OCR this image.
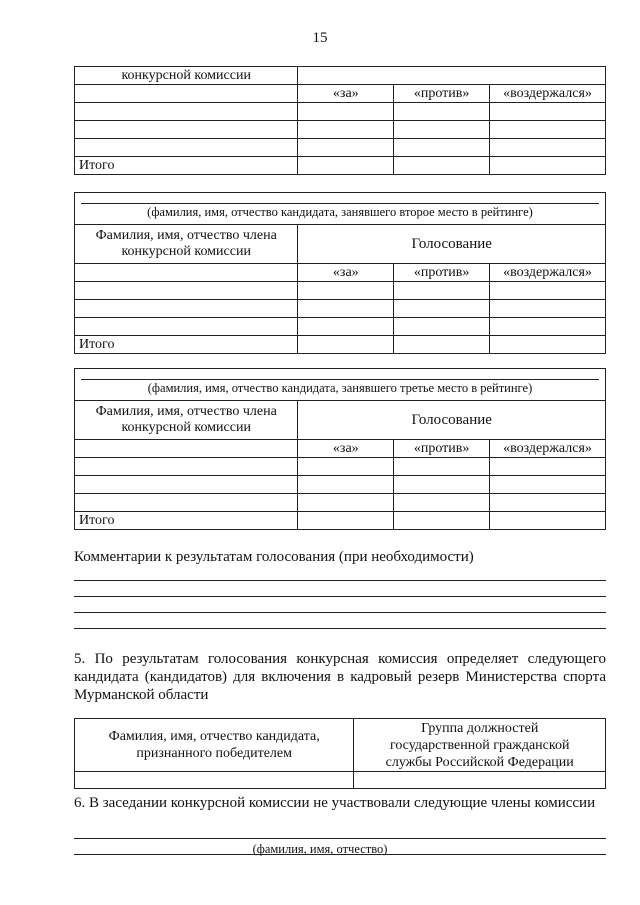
15
конкурсной комиссии			
	«за»	«против»	«воздержался»

Итого			
(фамилия, имя, отчество кандидата, занявшего второе место в рейтинге)
Фамилия, имя, отчество члена конкурсной комиссии	Голосование		

	«за»	«против»	«воздержался»

Итого			
(фамилия, имя, отчество кандидата, занявшего третье место в рейтинге)
Фамилия, имя, отчество члена конкурсной комиссии	Голосование		

	«за»	«против»	«воздержался»

Итого			
Комментарии к результатам голосования (при необходимости)
5. По результатам голосования конкурсная комиссия определяет следующего кандидата (кандидатов) для включения в кадровый резерв Министерства спорта Мурманской области
Фамилия, имя, отчество кандидата, признанного победителем	Группа должностей государственной гражданской службы Российской Федерации

6. В заседании конкурсной комиссии не участвовали следующие члены комиссии
(фамилия, имя, отчество)
